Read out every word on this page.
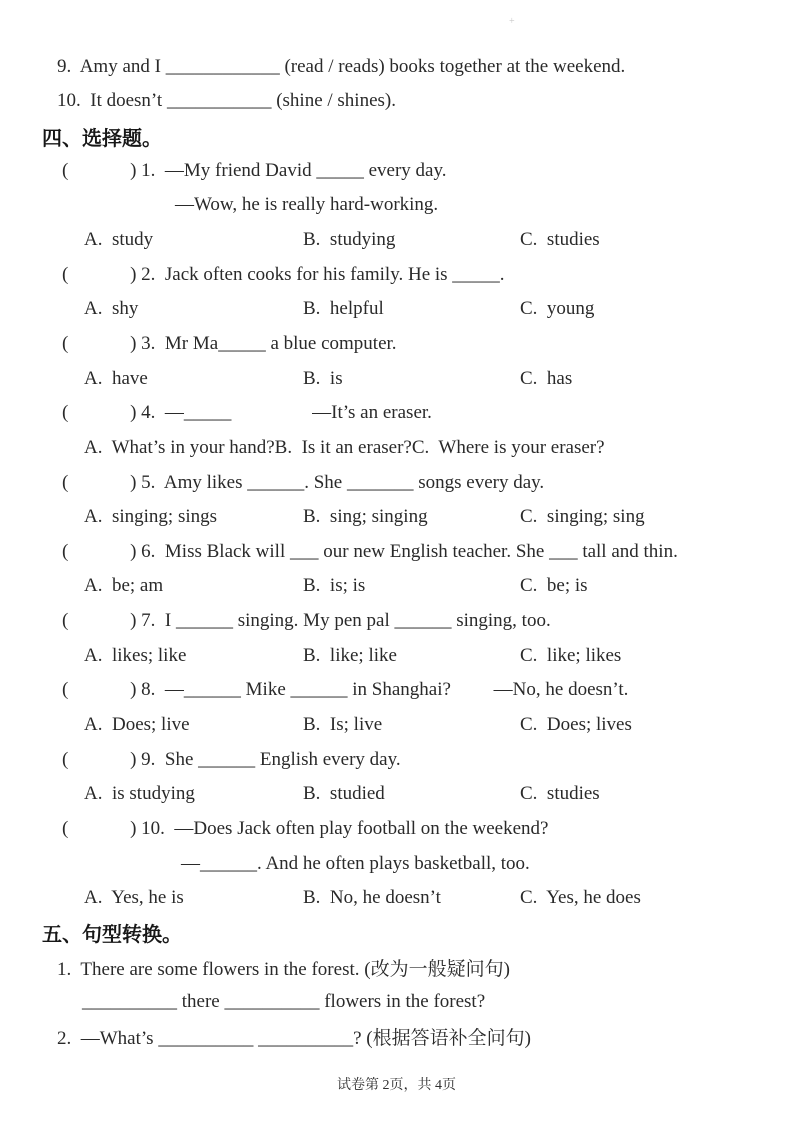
+
9.  Amy and I ____________ (read / reads) books together at the weekend.
10.  It doesn’t ___________ (shine / shines).
四、选择题。
(             ) 1.  —My friend David _____ every day.
—Wow, he is really hard-working.
A.  study	B.  studying	C.  studies
(             ) 2.  Jack often cooks for his family. He is _____.
A.  shy	B.  helpful	C.  young
(             ) 3.  Mr Ma_____ a blue computer.
A.  have	B.  is	C.  has
(             ) 4.  —_____                 —It’s an eraser.
A.  What’s in your hand?B.  Is it an eraser?C.  Where is your eraser?
(             ) 5.  Amy likes ______. She _______ songs every day.
A.  singing; sings	B.  sing; singing	C.  singing; sing
(             ) 6.  Miss Black will ___ our new English teacher. She ___ tall and thin.
A.  be; am	B.  is; is	C.  be; is
(             ) 7.  I ______ singing. My pen pal ______ singing, too.
A.  likes; like	B.  like; like	C.  like; likes
(             ) 8.  —______ Mike ______ in Shanghai?         —No, he doesn’t.
A.  Does; live	B.  Is; live	C.  Does; lives
(             ) 9.  She ______ English every day.
A.  is studying	B.  studied	C.  studies
(             ) 10.  —Does Jack often play football on the weekend?
—______. And he often plays basketball, too.
A.  Yes, he is	B.  No, he doesn’t	C.  Yes, he does
五、句型转换。
1.  There are some flowers in the forest. (改为一般疑问句)
__________ there __________ flowers in the forest?
2.  —What’s __________ __________? (根据答语补全问句)
试卷第 2页，共 4页
